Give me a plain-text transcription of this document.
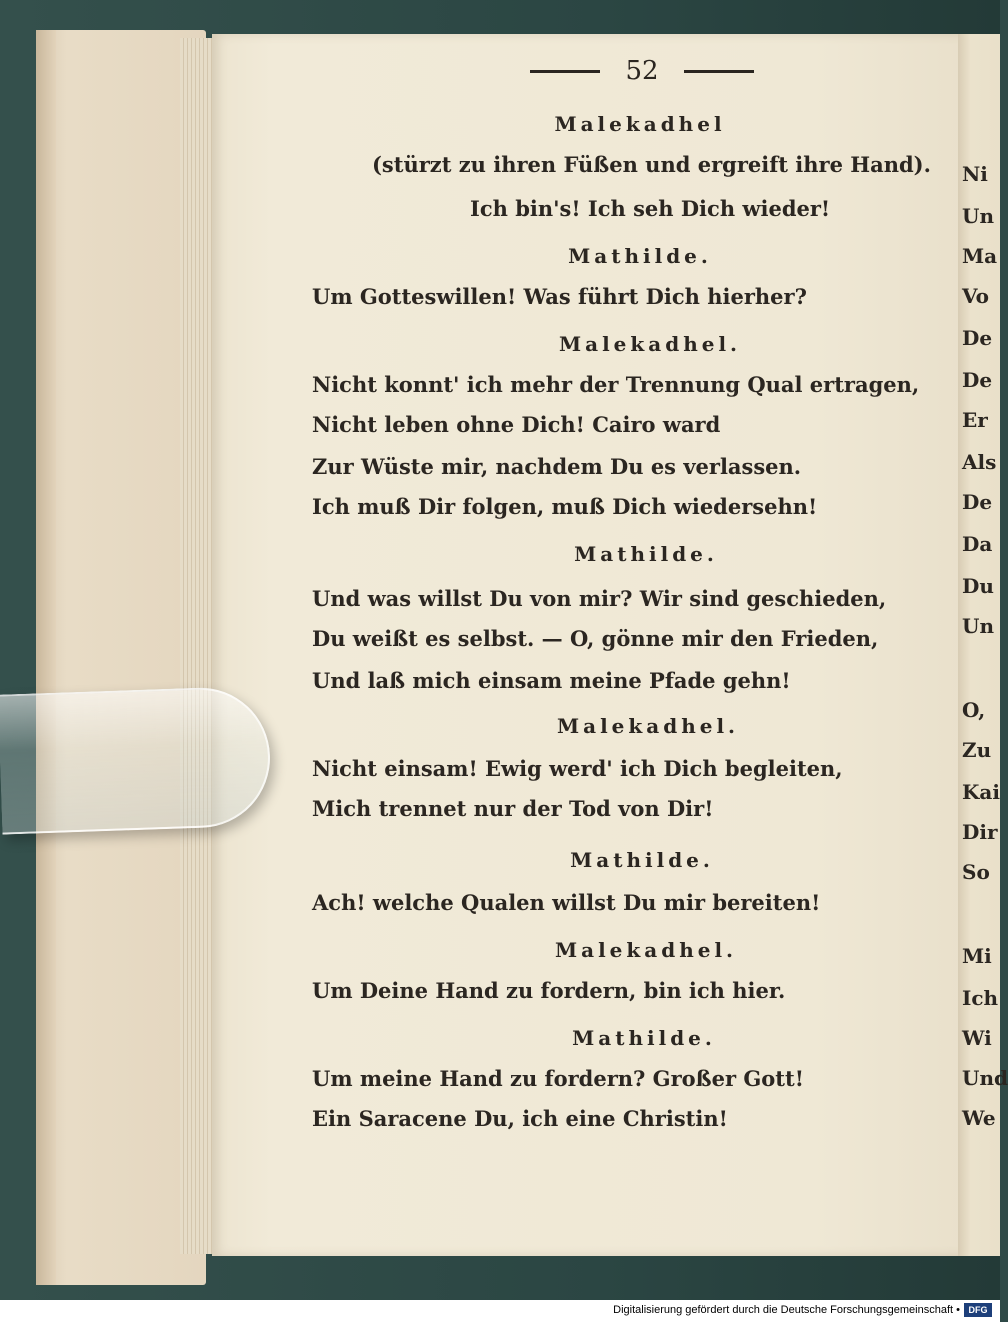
52
Malekadhel
(stürzt zu ihren Füßen und ergreift ihre Hand).
Ich bin's! Ich seh Dich wieder!
Mathilde.
Um Gotteswillen! Was führt Dich hierher?
Malekadhel.
Nicht konnt' ich mehr der Trennung Qual ertragen,
Nicht leben ohne Dich! Cairo ward
Zur Wüste mir, nachdem Du es verlassen.
Ich muß Dir folgen, muß Dich wiedersehn!
Mathilde.
Und was willst Du von mir? Wir sind geschieden,
Du weißt es selbst. — O, gönne mir den Frieden,
Und laß mich einsam meine Pfade gehn!
Malekadhel.
Nicht einsam! Ewig werd' ich Dich begleiten,
Mich trennet nur der Tod von Dir!
Mathilde.
Ach! welche Qualen willst Du mir bereiten!
Malekadhel.
Um Deine Hand zu fordern, bin ich hier.
Mathilde.
Um meine Hand zu fordern? Großer Gott!
Ein Saracene Du, ich eine Christin!
Ni
Un
Ma
Vo
De
De
Er
Als
De
Da
Du
Un
O,
Zu
Kai
Dir
So
Mi
Ich
Wi
Und
We
Digitalisierung gefördert durch die Deutsche Forschungsgemeinschaft • DFG
